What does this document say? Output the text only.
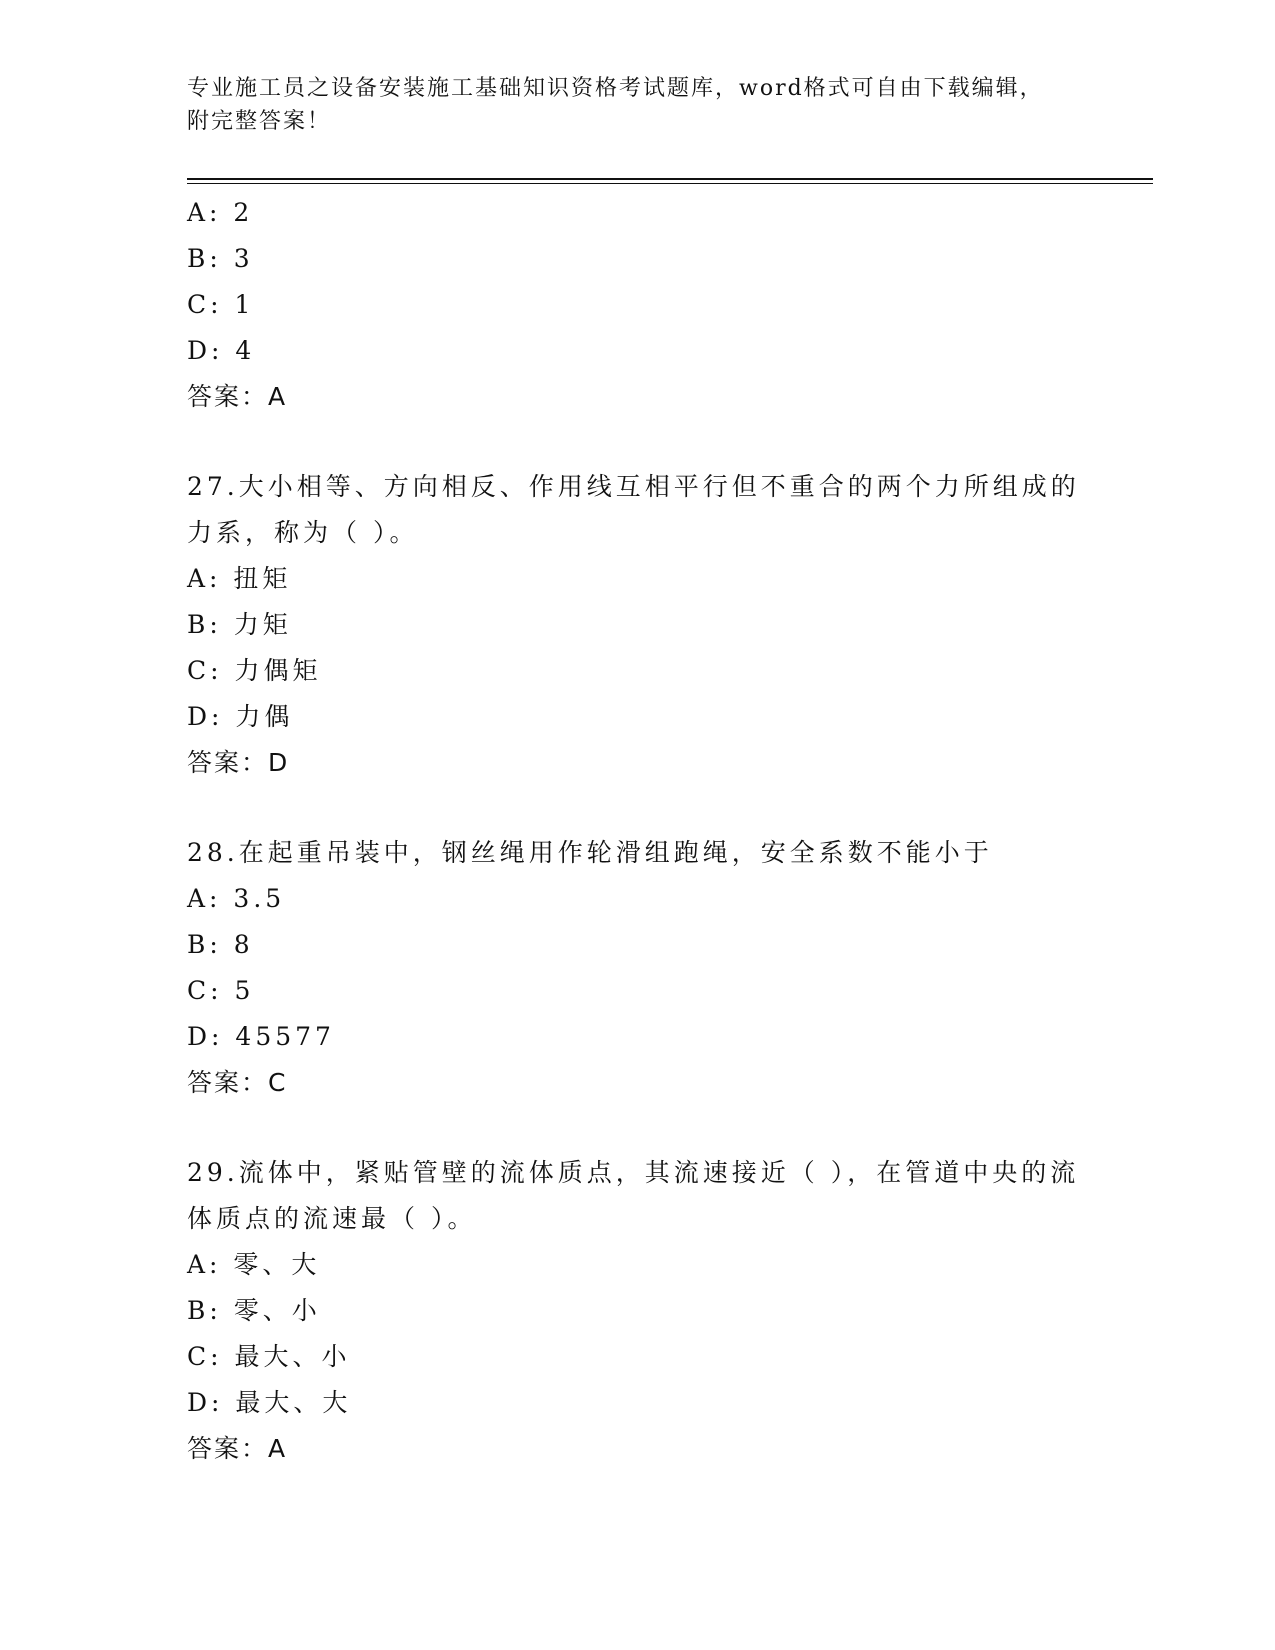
专业施工员之设备安装施工基础知识资格考试题库，word格式可自由下载编辑，附完整答案！
A: 2
B: 3
C: 1
D: 4
答案：A
27.大小相等、方向相反、作用线互相平行但不重合的两个力所组成的力系，称为（ ）。
A: 扭矩
B: 力矩
C: 力偶矩
D: 力偶
答案：D
28.在起重吊装中，钢丝绳用作轮滑组跑绳，安全系数不能小于
A: 3.5
B: 8
C: 5
D: 45577
答案：C
29.流体中，紧贴管壁的流体质点，其流速接近（ ），在管道中央的流体质点的流速最（ ）。
A: 零、大
B: 零、小
C: 最大、小
D: 最大、大
答案：A
